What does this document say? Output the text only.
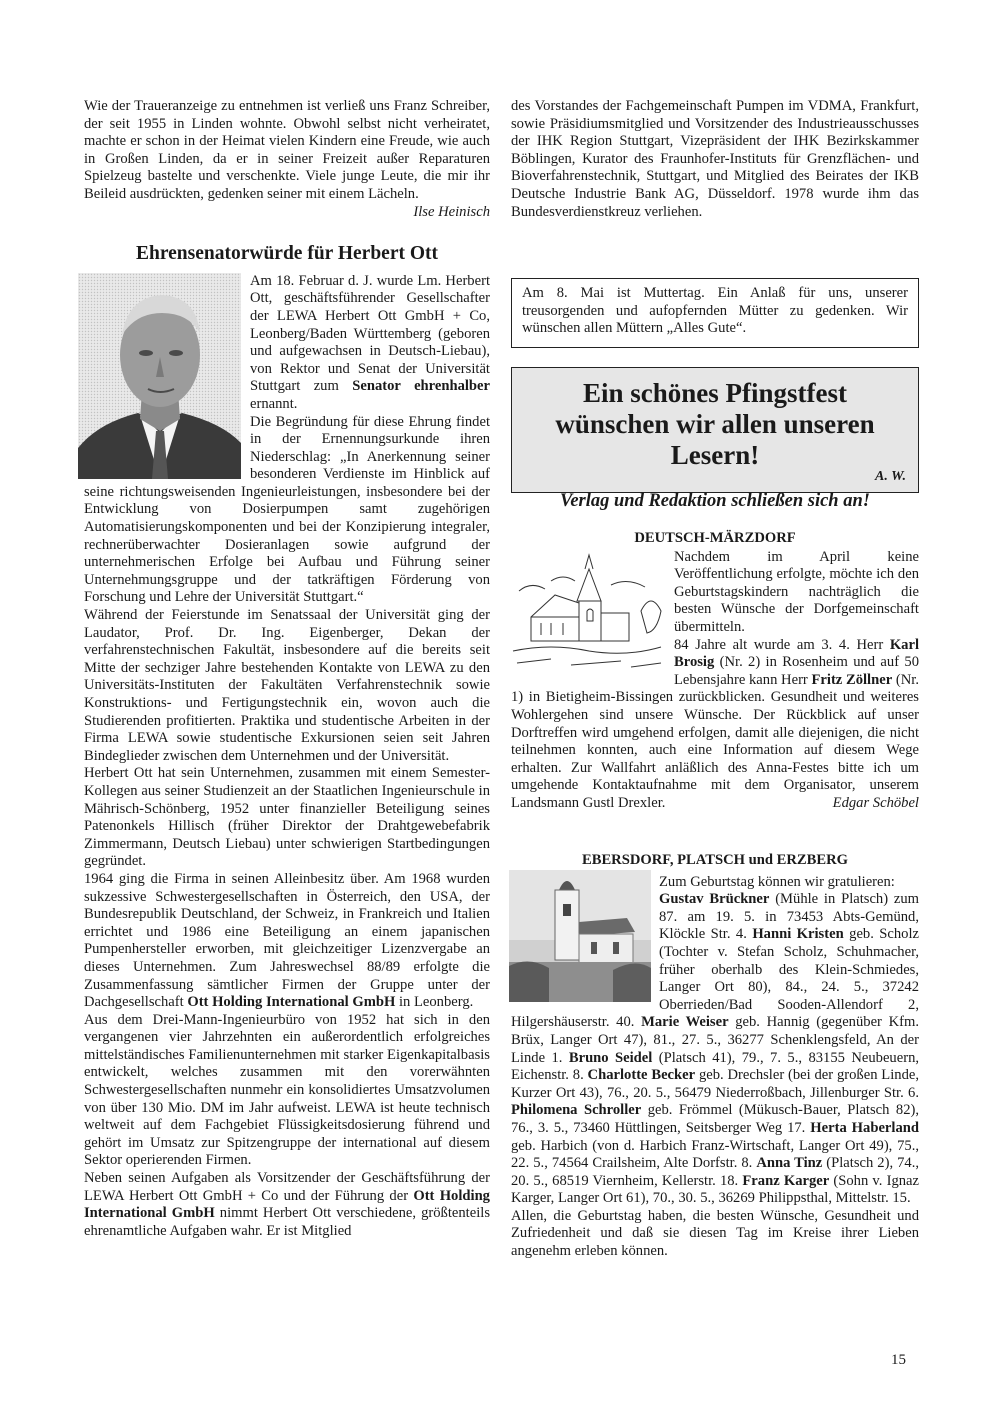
Wie der Traueranzeige zu entnehmen ist verließ uns Franz Schreiber, der seit 1955 in Linden wohnte. Obwohl selbst nicht verheiratet, machte er schon in der Heimat vielen Kindern eine Freude, wie auch in Großen Linden, da er in seiner Freizeit außer Reparaturen Spielzeug bastelte und verschenkte. Viele junge Leute, die mir ihr Beileid ausdrückten, gedenken seiner mit einem Lächeln.
Ilse Heinisch

Ehrensenatorwürde für Herbert Ott

Am 18. Februar d. J. wurde Lm. Herbert Ott, geschäftsführender Gesellschafter der LEWA Herbert Ott GmbH + Co, Leonberg/Baden Württemberg (geboren und aufgewachsen in Deutsch-Liebau), von Rektor und Senat der Universität Stuttgart zum Senator ehrenhalber ernannt.

Die Begründung für diese Ehrung findet in der Ernennungsurkunde ihren Niederschlag: „In Anerkennung seiner besonderen Verdienste im Hinblick auf seine richtungsweisenden Ingenieurleistungen, insbesondere bei der Entwicklung von Dosierpumpen samt zugehörigen Automatisierungskomponenten und bei der Konzipierung integraler, rechnerüberwachter Dosieranlagen sowie aufgrund der unternehmerischen Erfolge bei Aufbau und Führung seiner Unternehmungsgruppe und der tatkräftigen Förderung von Forschung und Lehre der Universität Stuttgart.“

Während der Feierstunde im Senatssaal der Universität ging der Laudator, Prof. Dr. Ing. Eigenberger, Dekan der verfahrenstechnischen Fakultät, insbesondere auf die bereits seit Mitte der sechziger Jahre bestehenden Kontakte von LEWA zu den Universitäts-Instituten der Fakultäten Verfahrenstechnik sowie Konstruktions- und Fertigungstechnik ein, wovon auch die Studierenden profitierten. Praktika und studentische Arbeiten in der Firma LEWA sowie studentische Exkursionen seien seit Jahren Bindeglieder zwischen dem Unternehmen und der Universität.

Herbert Ott hat sein Unternehmen, zusammen mit einem Semester-Kollegen aus seiner Studienzeit an der Staatlichen Ingenieurschule in Mährisch-Schönberg, 1952 unter finanzieller Beteiligung seines Patenonkels Hillisch (früher Direktor der Drahtgewebefabrik Zimmermann, Deutsch Liebau) unter schwierigen Startbedingungen gegründet.

1964 ging die Firma in seinen Alleinbesitz über. Am 1968 wurden sukzessive Schwestergesellschaften in Österreich, den USA, der Bundesrepublik Deutschland, der Schweiz, in Frankreich und Italien errichtet und 1986 eine Beteiligung an einem japanischen Pumpenhersteller erworben, mit gleichzeitiger Lizenzvergabe an dieses Unternehmen. Zum Jahreswechsel 88/89 erfolgte die Zusammenfassung sämtlicher Firmen der Gruppe unter der Dachgesellschaft Ott Holding International GmbH in Leonberg.

Aus dem Drei-Mann-Ingenieurbüro von 1952 hat sich in den vergangenen vier Jahrzehnten ein außerordentlich erfolgreiches mittelständisches Familienunternehmen mit starker Eigenkapitalbasis entwickelt, welches zusammen mit den vorerwähnten Schwestergesellschaften nunmehr ein konsolidiertes Umsatzvolumen von über 130 Mio. DM im Jahr aufweist. LEWA ist heute technisch weltweit auf dem Fachgebiet Flüssigkeitsdosierung führend und gehört im Umsatz zur Spitzengruppe der international auf diesem Sektor operierenden Firmen.

Neben seinen Aufgaben als Vorsitzender der Geschäftsführung der LEWA Herbert Ott GmbH + Co und der Führung der Ott Holding International GmbH nimmt Herbert Ott verschiedene, größtenteils ehrenamtliche Aufgaben wahr. Er ist Mitglied

des Vorstandes der Fachgemeinschaft Pumpen im VDMA, Frankfurt, sowie Präsidiumsmitglied und Vorsitzender des Industrieausschusses der IHK Region Stuttgart, Vizepräsident der IHK Bezirkskammer Böblingen, Kurator des Fraunhofer-Instituts für Grenzflächen- und Bioverfahrenstechnik, Stuttgart, und Mitglied des Beirates der IKB Deutsche Industrie Bank AG, Düsseldorf. 1978 wurde ihm das Bundesverdienstkreuz verliehen.

Am 8. Mai ist Muttertag. Ein Anlaß für uns, unserer treusorgenden und aufopfernden Mütter zu gedenken. Wir wünschen allen Müttern „Alles Gute“.
Ein schönes Pfingstfest wünschen wir allen unseren Lesern!
A. W.
Verlag und Redaktion schließen sich an!
DEUTSCH-MÄRZDORF

Nachdem im April keine Veröffentlichung erfolgte, möchte ich den Geburtstagskindern nachträglich die besten Wünsche der Dorfgemeinschaft übermitteln.

84 Jahre alt wurde am 3. 4. Herr Karl Brosig (Nr. 2) in Rosenheim und auf 50 Lebensjahre kann Herr Fritz Zöllner (Nr. 1) in Bietigheim-Bissingen zurückblicken. Gesundheit und weiteres Wohlergehen sind unsere Wünsche. Der Rückblick auf unser Dorftreffen wird umgehend erfolgen, damit alle diejenigen, die nicht teilnehmen konnten, auch eine Information auf diesem Wege erhalten. Zur Wallfahrt anläßlich des Anna-Festes bitte ich um umgehende Kontaktaufnahme mit dem Organisator, unserem Landsmann Gustl Drexler.	Edgar Schöbel

EBERSDORF, PLATSCH und ERZBERG

Zum Geburtstag können wir gratulieren:

Gustav Brückner (Mühle in Platsch) zum 87. am 19. 5. in 73453 Abts-Gemünd, Klöckle Str. 4. Hanni Kristen geb. Scholz (Tochter v. Stefan Scholz, Schuhmacher, früher oberhalb des Klein-Schmiedes, Langer Ort 80), 84., 24. 5., 37242 Oberrieden/Bad Sooden-Allendorf 2, Hilgershäuserstr. 40. Marie Weiser geb. Hannig (gegenüber Kfm. Brüx, Langer Ort 47), 81., 27. 5., 36277 Schenklengsfeld, An der Linde 1. Bruno Seidel (Platsch 41), 79., 7. 5., 83155 Neubeuern, Eichenstr. 8. Charlotte Becker geb. Drechsler (bei der großen Linde, Kurzer Ort 43), 76., 20. 5., 56479 Niederroßbach, Jillenburger Str. 6. Philomena Schroller geb. Frömmel (Mükusch-Bauer, Platsch 82), 76., 3. 5., 73460 Hüttlingen, Seitsberger Weg 17. Herta Haberland geb. Harbich (von d. Harbich Franz-Wirtschaft, Langer Ort 49), 75., 22. 5., 74564 Crailsheim, Alte Dorfstr. 8. Anna Tinz (Platsch 2), 74., 20. 5., 68519 Viernheim, Kellerstr. 18. Franz Karger (Sohn v. Ignaz Karger, Langer Ort 61), 70., 30. 5., 36269 Philippsthal, Mittelstr. 15.

Allen, die Geburtstag haben, die besten Wünsche, Gesundheit und Zufriedenheit und daß sie diesen Tag im Kreise ihrer Lieben angenehm erleben können.

15
